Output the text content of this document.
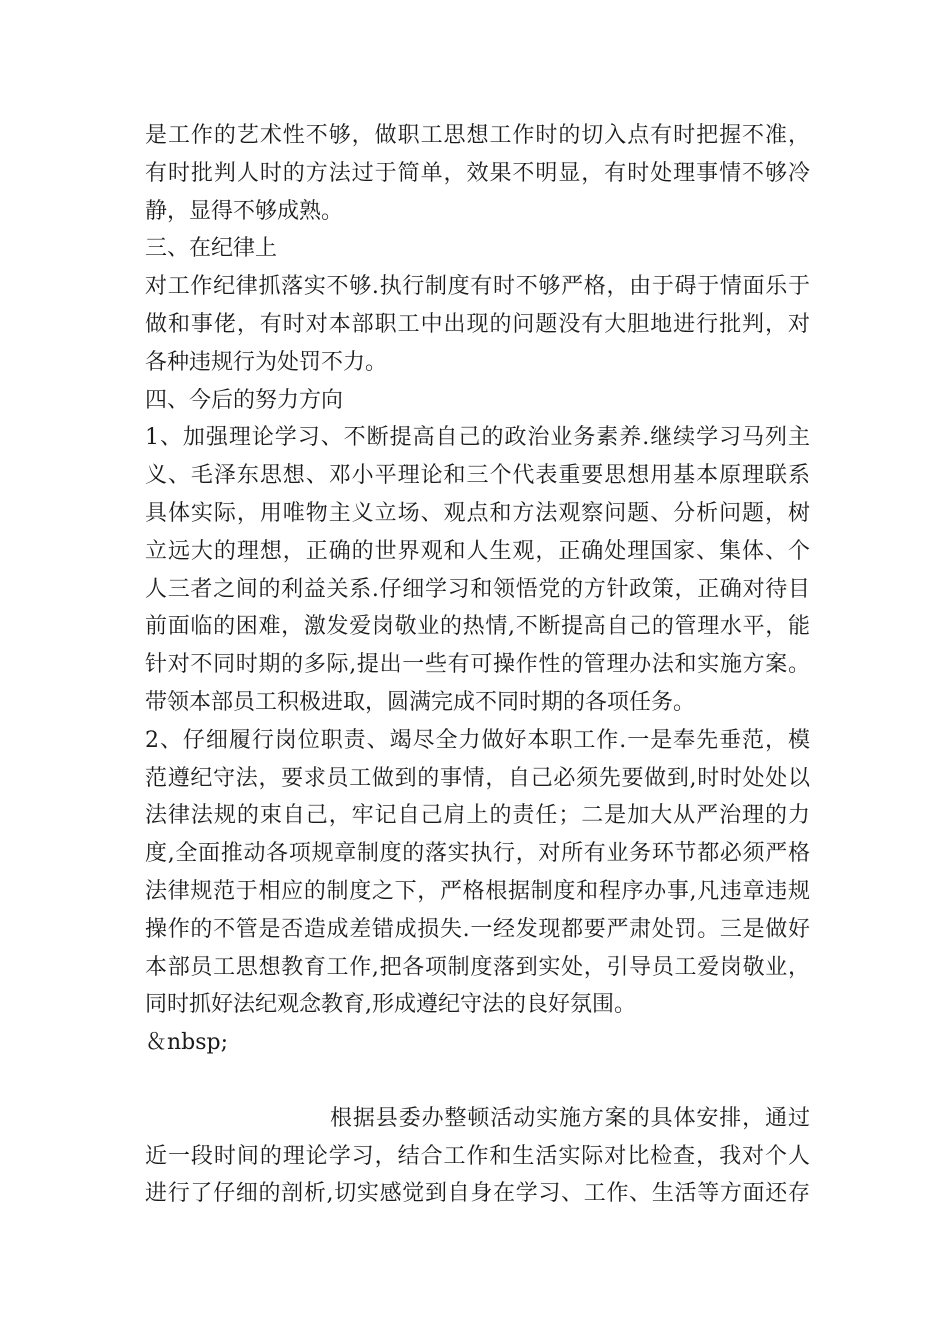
是工作的艺术性不够，做职工思想工作时的切入点有时把握不准，
有时批判人时的方法过于简单，效果不明显，有时处理事情不够冷
静，显得不够成熟。
三、在纪律上
对工作纪律抓落实不够.执行制度有时不够严格，由于碍于情面乐于
做和事佬，有时对本部职工中出现的问题没有大胆地进行批判，对
各种违规行为处罚不力。
四、今后的努力方向
1、加强理论学习、不断提高自己的政治业务素养.继续学习马列主
义、毛泽东思想、邓小平理论和三个代表重要思想用基本原理联系
具体实际，用唯物主义立场、观点和方法观察问题、分析问题，树
立远大的理想，正确的世界观和人生观，正确处理国家、集体、个
人三者之间的利益关系.仔细学习和领悟党的方针政策，正确对待目
前面临的困难，激发爱岗敬业的热情,不断提高自己的管理水平，能
针对不同时期的多际,提出一些有可操作性的管理办法和实施方案。
带领本部员工积极进取，圆满完成不同时期的各项任务。
2、仔细履行岗位职责、竭尽全力做好本职工作.一是奉先垂范，模
范遵纪守法，要求员工做到的事情，自己必须先要做到,时时处处以
法律法规的束自己，牢记自己肩上的责任；二是加大从严治理的力
度,全面推动各项规章制度的落实执行，对所有业务环节都必须严格
法律规范于相应的制度之下，严格根据制度和程序办事,凡违章违规
操作的不管是否造成差错成损失.一经发现都要严肃处罚。三是做好
本部员工思想教育工作,把各项制度落到实处，引导员工爱岗敬业，
同时抓好法纪观念教育,形成遵纪守法的良好氛围。
＆nbsp;
根据县委办整顿活动实施方案的具体安排，通过
近一段时间的理论学习，结合工作和生活实际对比检查，我对个人
进行了仔细的剖析,切实感觉到自身在学习、工作、生活等方面还存
